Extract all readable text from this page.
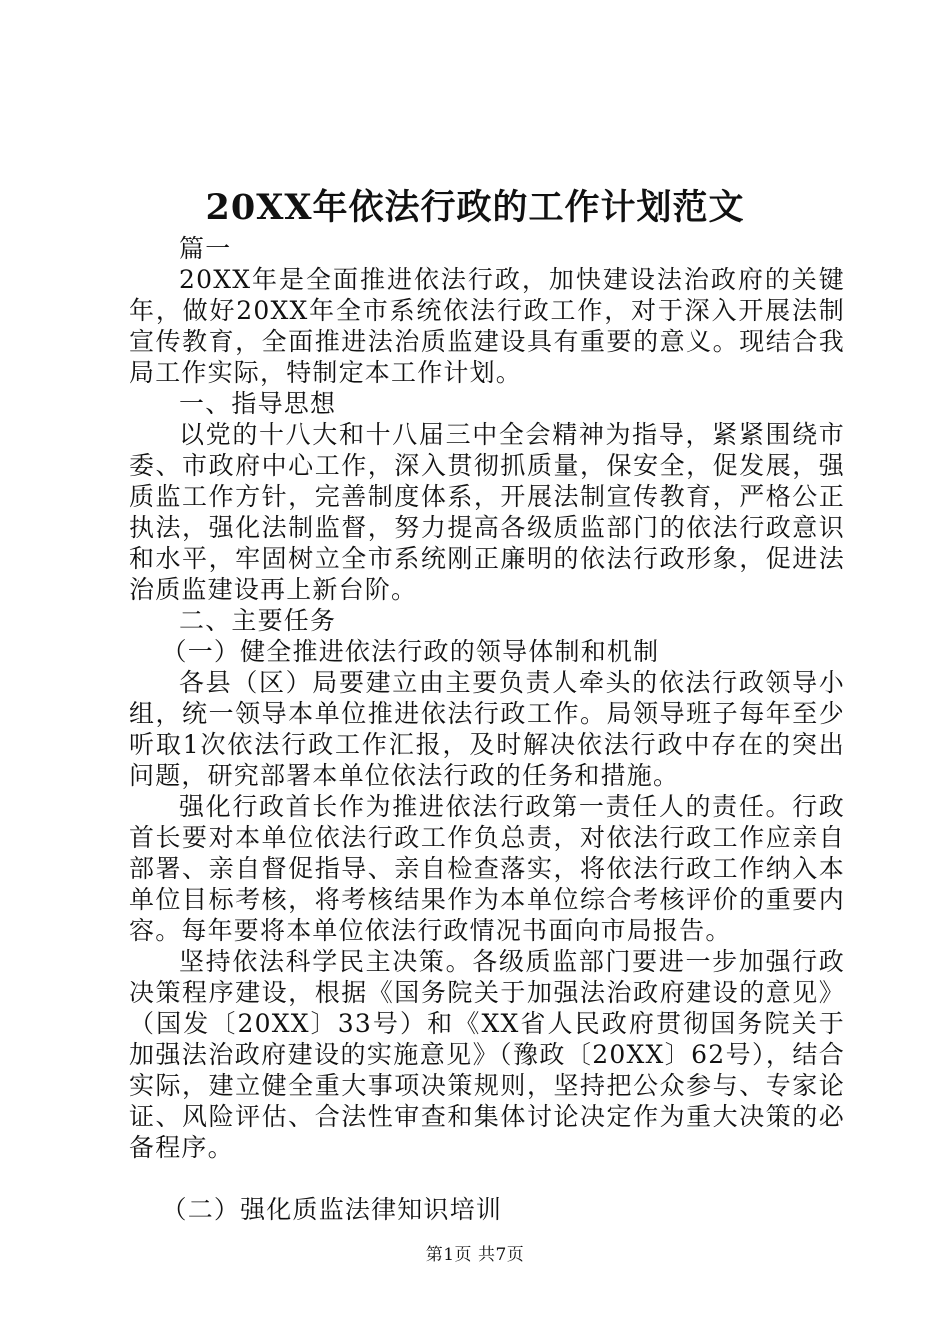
20XX年依法行政的工作计划范文

篇一

20XX年是全面推进依法行政，加快建设法治政府的关键年，做好20XX年全市系统依法行政工作，对于深入开展法制宣传教育，全面推进法治质监建设具有重要的意义。现结合我局工作实际，特制定本工作计划。

一、指导思想

以党的十八大和十八届三中全会精神为指导，紧紧围绕市委、市政府中心工作，深入贯彻抓质量，保安全，促发展，强质监工作方针，完善制度体系，开展法制宣传教育，严格公正执法，强化法制监督，努力提高各级质监部门的依法行政意识和水平，牢固树立全市系统刚正廉明的依法行政形象，促进法治质监建设再上新台阶。

二、主要任务

（一）健全推进依法行政的领导体制和机制

各县（区）局要建立由主要负责人牵头的依法行政领导小组，统一领导本单位推进依法行政工作。局领导班子每年至少听取1次依法行政工作汇报，及时解决依法行政中存在的突出问题，研究部署本单位依法行政的任务和措施。

强化行政首长作为推进依法行政第一责任人的责任。行政首长要对本单位依法行政工作负总责，对依法行政工作应亲自部署、亲自督促指导、亲自检查落实，将依法行政工作纳入本单位目标考核，将考核结果作为本单位综合考核评价的重要内容。每年要将本单位依法行政情况书面向市局报告。

坚持依法科学民主决策。各级质监部门要进一步加强行政决策程序建设，根据《国务院关于加强法治政府建设的意见》（国发〔20XX〕33号）和《XX省人民政府贯彻国务院关于加强法治政府建设的实施意见》（豫政〔20XX〕62号），结合实际，建立健全重大事项决策规则，坚持把公众参与、专家论证、风险评估、合法性审查和集体讨论决定作为重大决策的必备程序。

（二）强化质监法律知识培训

第1页 共7页
